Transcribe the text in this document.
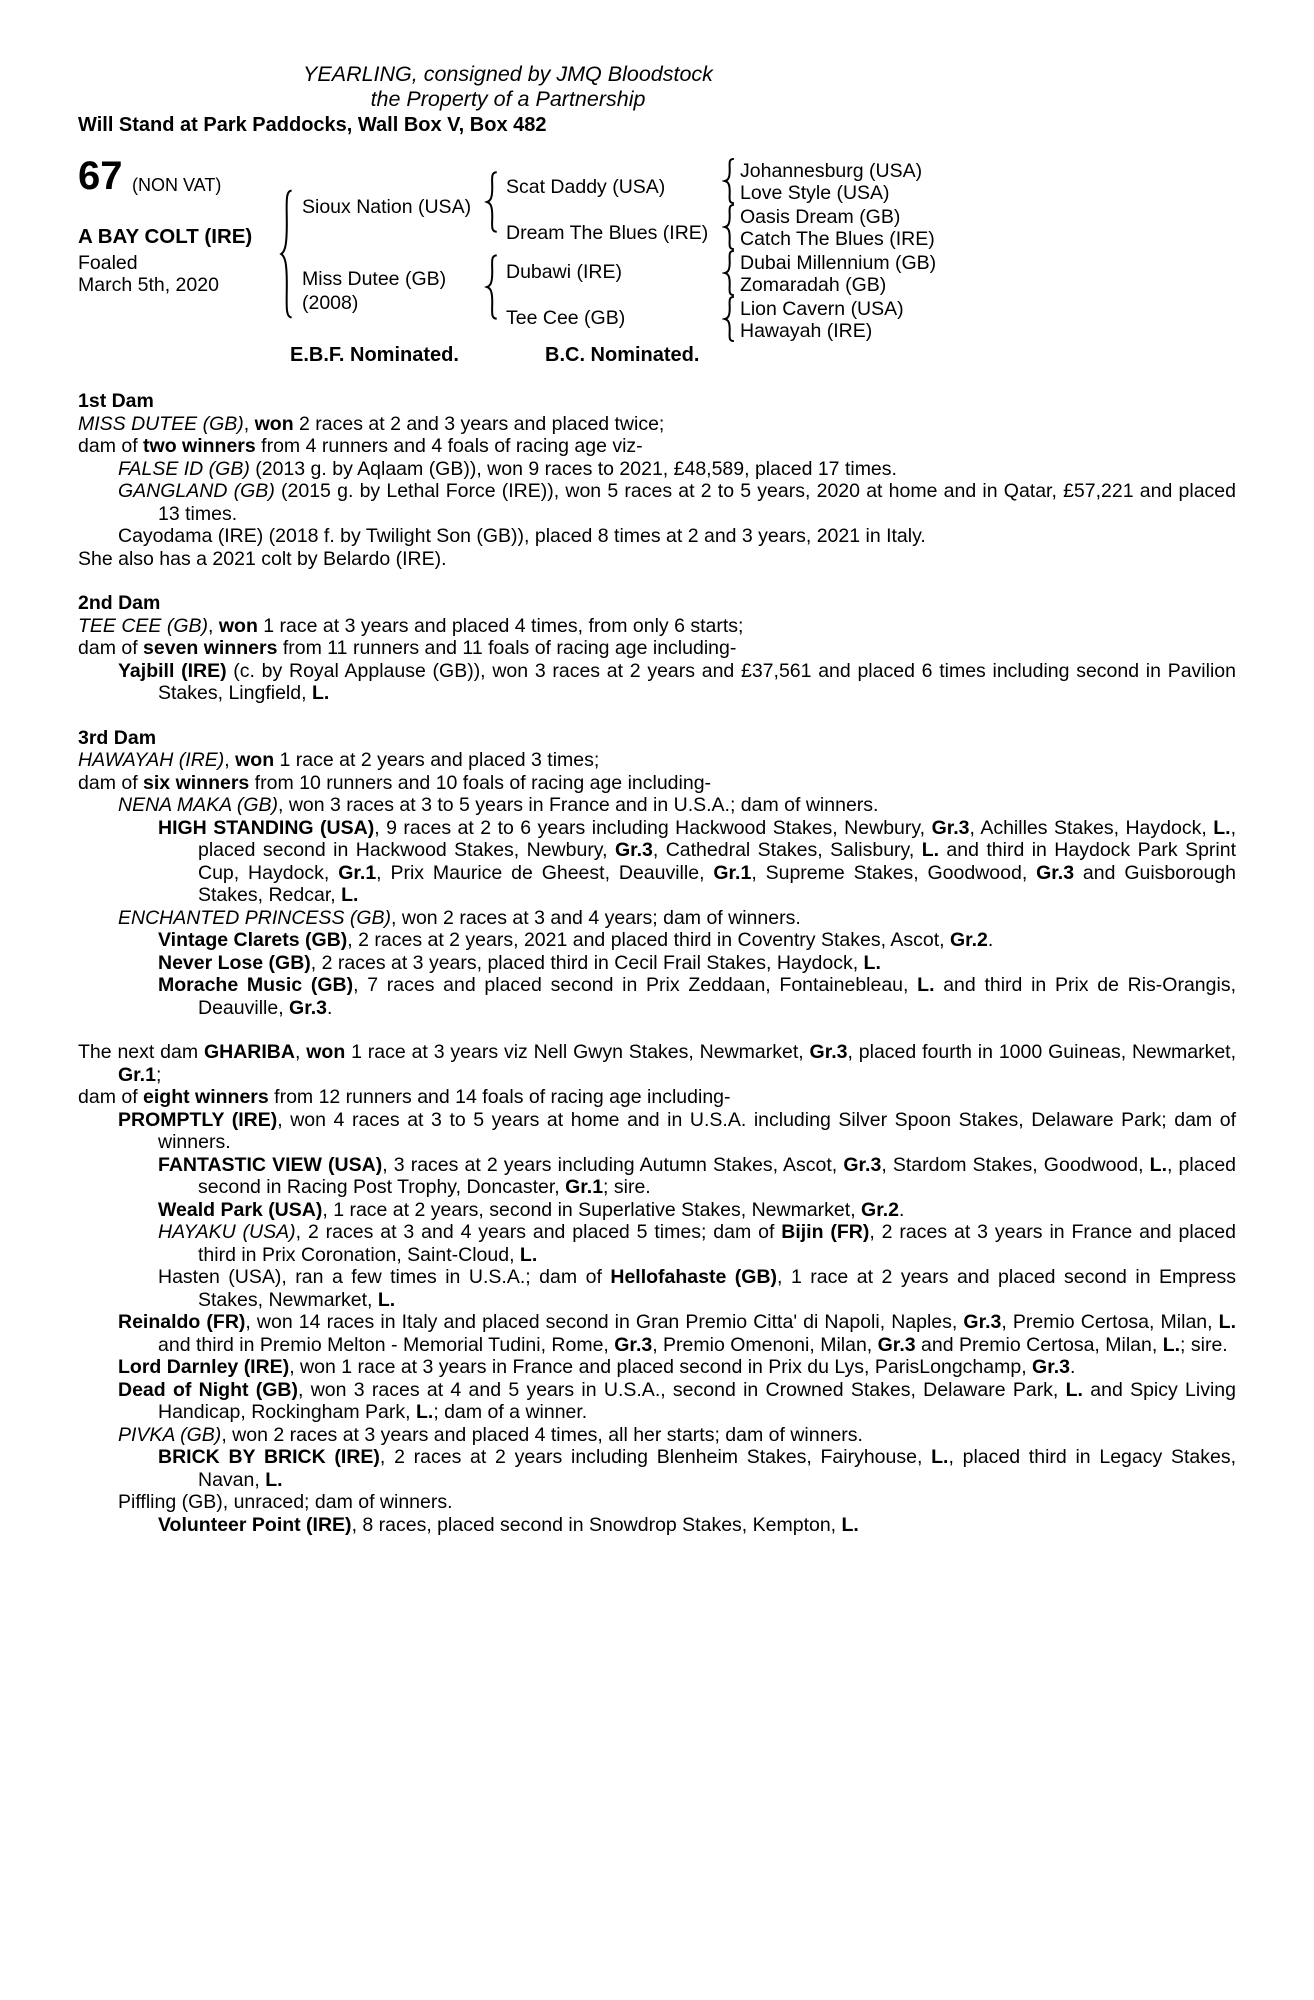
YEARLING, consigned by JMQ Bloodstock
the Property of a Partnership
Will Stand at Park Paddocks, Wall Box V, Box 482
67 (NON VAT)
A BAY COLT (IRE)
Foaled
March 5th, 2020
Sioux Nation (USA)
Miss Dutee (GB)
(2008)
Scat Daddy (USA)
Dream The Blues (IRE)
Dubawi (IRE)
Tee Cee (GB)
Johannesburg (USA)
Love Style (USA)
Oasis Dream (GB)
Catch The Blues (IRE)
Dubai Millennium (GB)
Zomaradah (GB)
Lion Cavern (USA)
Hawayah (IRE)
E.B.F. Nominated.	B.C. Nominated.
1st Dam

MISS DUTEE (GB), won 2 races at 2 and 3 years and placed twice;

dam of two winners from 4 runners and 4 foals of racing age viz-

FALSE ID (GB) (2013 g. by Aqlaam (GB)), won 9 races to 2021, £48,589, placed 17 times.

GANGLAND (GB) (2015 g. by Lethal Force (IRE)), won 5 races at 2 to 5 years, 2020 at home and in Qatar, £57,221 and placed 13 times.

Cayodama (IRE) (2018 f. by Twilight Son (GB)), placed 8 times at 2 and 3 years, 2021 in Italy.

She also has a 2021 colt by Belardo (IRE).

2nd Dam

TEE CEE (GB), won 1 race at 3 years and placed 4 times, from only 6 starts;

dam of seven winners from 11 runners and 11 foals of racing age including-

Yajbill (IRE) (c. by Royal Applause (GB)), won 3 races at 2 years and £37,561 and placed 6 times including second in Pavilion Stakes, Lingfield, L.

3rd Dam

HAWAYAH (IRE), won 1 race at 2 years and placed 3 times;

dam of six winners from 10 runners and 10 foals of racing age including-

NENA MAKA (GB), won 3 races at 3 to 5 years in France and in U.S.A.; dam of winners.

HIGH STANDING (USA), 9 races at 2 to 6 years including Hackwood Stakes, Newbury, Gr.3, Achilles Stakes, Haydock, L., placed second in Hackwood Stakes, Newbury, Gr.3, Cathedral Stakes, Salisbury, L. and third in Haydock Park Sprint Cup, Haydock, Gr.1, Prix Maurice de Gheest, Deauville, Gr.1, Supreme Stakes, Goodwood, Gr.3 and Guisborough Stakes, Redcar, L.

ENCHANTED PRINCESS (GB), won 2 races at 3 and 4 years; dam of winners.

Vintage Clarets (GB), 2 races at 2 years, 2021 and placed third in Coventry Stakes, Ascot, Gr.2.

Never Lose (GB), 2 races at 3 years, placed third in Cecil Frail Stakes, Haydock, L.

Morache Music (GB), 7 races and placed second in Prix Zeddaan, Fontainebleau, L. and third in Prix de Ris-Orangis, Deauville, Gr.3.

The next dam GHARIBA, won 1 race at 3 years viz Nell Gwyn Stakes, Newmarket, Gr.3, placed fourth in 1000 Guineas, Newmarket, Gr.1;

dam of eight winners from 12 runners and 14 foals of racing age including-

PROMPTLY (IRE), won 4 races at 3 to 5 years at home and in U.S.A. including Silver Spoon Stakes, Delaware Park; dam of winners.

FANTASTIC VIEW (USA), 3 races at 2 years including Autumn Stakes, Ascot, Gr.3, Stardom Stakes, Goodwood, L., placed second in Racing Post Trophy, Doncaster, Gr.1; sire.

Weald Park (USA), 1 race at 2 years, second in Superlative Stakes, Newmarket, Gr.2.

HAYAKU (USA), 2 races at 3 and 4 years and placed 5 times; dam of Bijin (FR), 2 races at 3 years in France and placed third in Prix Coronation, Saint-Cloud, L.

Hasten (USA), ran a few times in U.S.A.; dam of Hellofahaste (GB), 1 race at 2 years and placed second in Empress Stakes, Newmarket, L.

Reinaldo (FR), won 14 races in Italy and placed second in Gran Premio Citta' di Napoli, Naples, Gr.3, Premio Certosa, Milan, L. and third in Premio Melton - Memorial Tudini, Rome, Gr.3, Premio Omenoni, Milan, Gr.3 and Premio Certosa, Milan, L.; sire.

Lord Darnley (IRE), won 1 race at 3 years in France and placed second in Prix du Lys, ParisLongchamp, Gr.3.

Dead of Night (GB), won 3 races at 4 and 5 years in U.S.A., second in Crowned Stakes, Delaware Park, L. and Spicy Living Handicap, Rockingham Park, L.; dam of a winner.

PIVKA (GB), won 2 races at 3 years and placed 4 times, all her starts; dam of winners.

BRICK BY BRICK (IRE), 2 races at 2 years including Blenheim Stakes, Fairyhouse, L., placed third in Legacy Stakes, Navan, L.

Piffling (GB), unraced; dam of winners.

Volunteer Point (IRE), 8 races, placed second in Snowdrop Stakes, Kempton, L.
